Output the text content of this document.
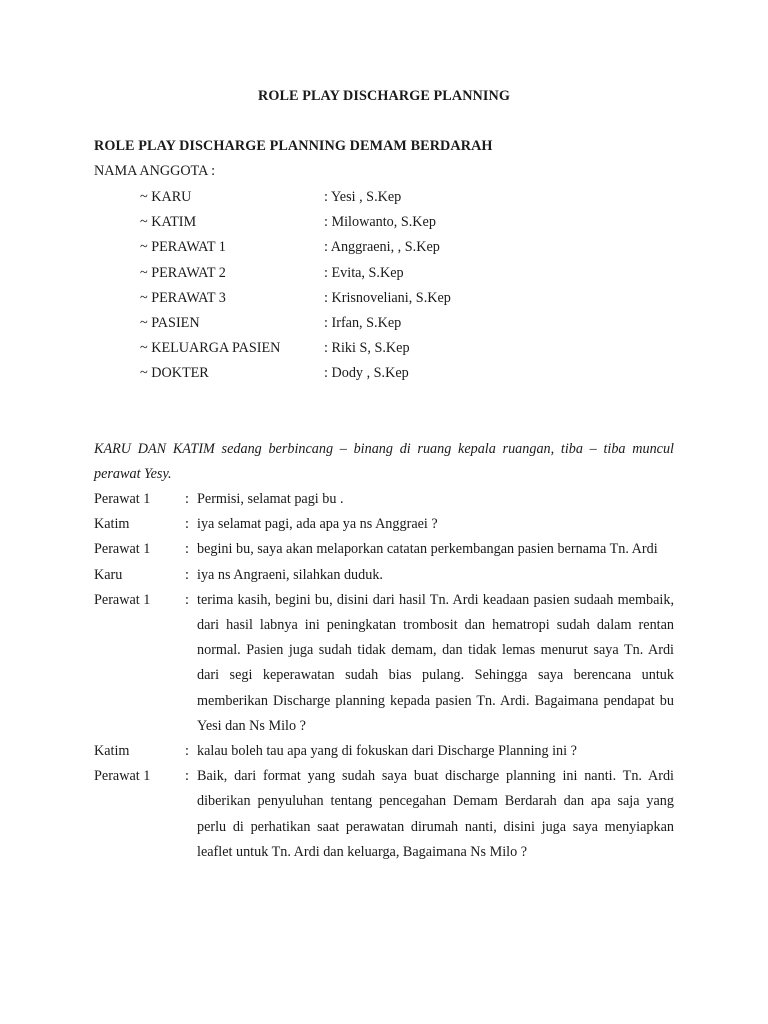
ROLE PLAY DISCHARGE PLANNING
ROLE PLAY DISCHARGE PLANNING DEMAM BERDARAH
NAMA ANGGOTA :
~ KARU	: Yesi , S.Kep
~ KATIM	: Milowanto, S.Kep
~ PERAWAT 1	: Anggraeni, , S.Kep
~ PERAWAT 2	: Evita, S.Kep
~ PERAWAT 3	: Krisnoveliani, S.Kep
~ PASIEN	: Irfan, S.Kep
~ KELUARGA PASIEN	: Riki S, S.Kep
~ DOKTER	: Dody , S.Kep
KARU DAN KATIM sedang berbincang – binang di ruang kepala ruangan, tiba – tiba muncul perawat Yesy.
Perawat 1	: Permisi, selamat pagi bu .
Katim	: iya selamat pagi, ada apa ya ns Anggraei ?
Perawat 1	: begini bu, saya akan melaporkan catatan perkembangan pasien bernama Tn. Ardi
Karu	: iya ns Angraeni, silahkan duduk.
Perawat 1	: terima kasih, begini bu, disini dari hasil Tn. Ardi keadaan pasien sudaah membaik, dari hasil labnya ini peningkatan trombosit dan hematropi sudah dalam rentan normal. Pasien juga sudah tidak demam, dan tidak lemas menurut saya Tn. Ardi dari segi keperawatan sudah bias pulang. Sehingga saya berencana untuk memberikan Discharge planning kepada pasien Tn. Ardi. Bagaimana pendapat bu Yesi dan Ns Milo ?
Katim	: kalau boleh tau apa yang di fokuskan dari Discharge Planning ini ?
Perawat 1	: Baik, dari format yang sudah saya buat discharge planning ini nanti. Tn. Ardi diberikan penyuluhan tentang pencegahan Demam Berdarah dan apa saja yang perlu di perhatikan saat perawatan dirumah nanti, disini juga saya menyiapkan leaflet untuk Tn. Ardi dan keluarga, Bagaimana Ns Milo ?
